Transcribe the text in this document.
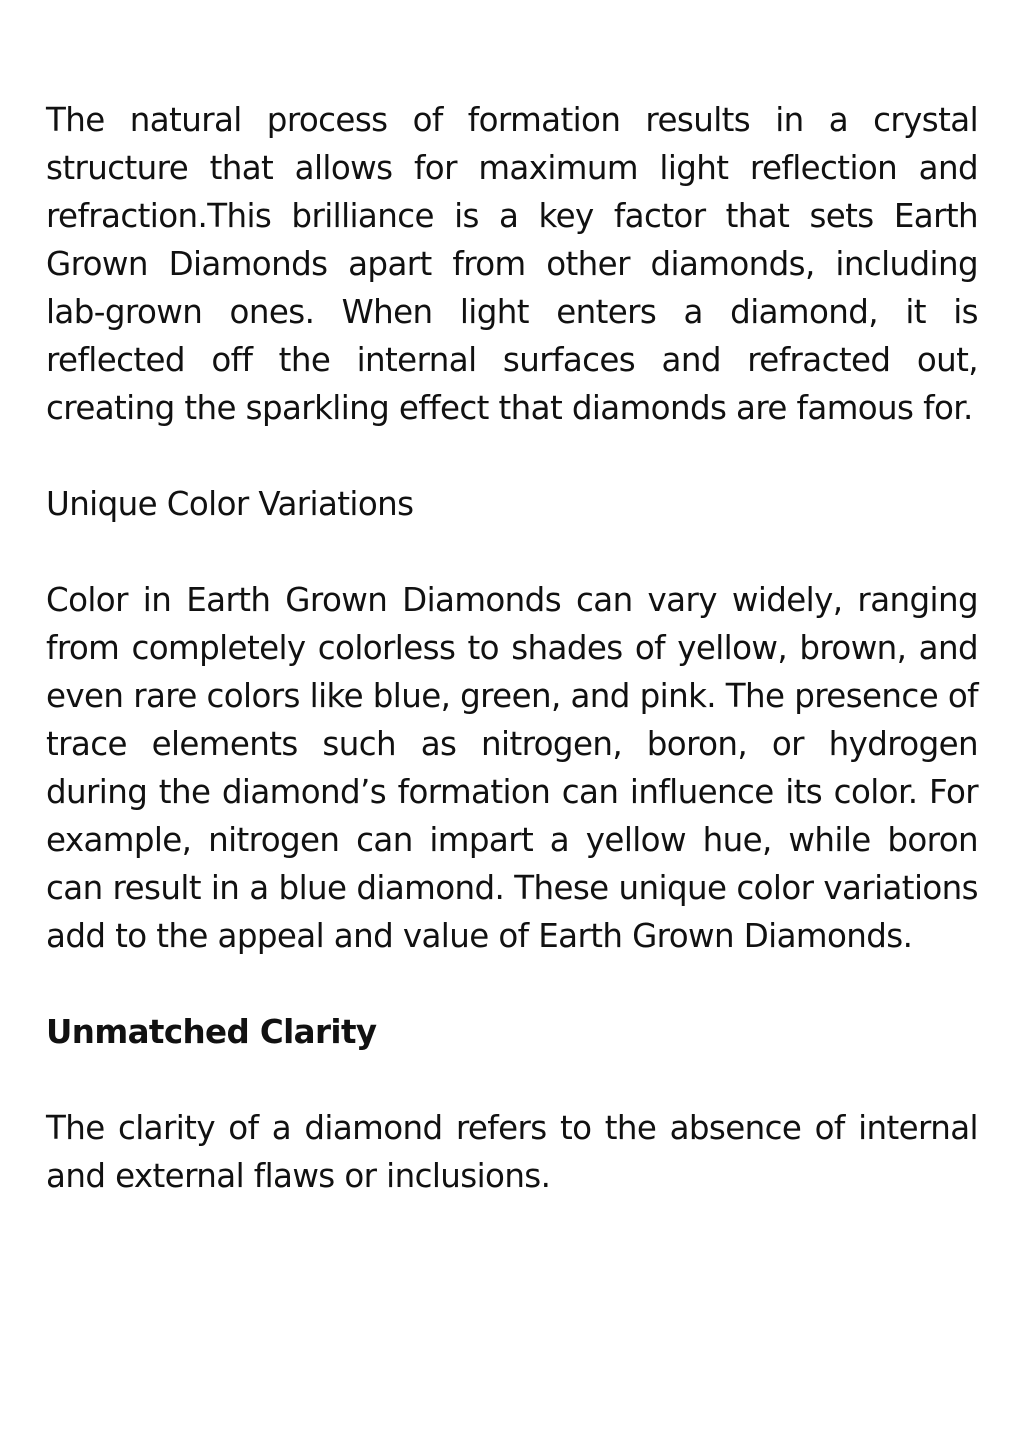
The natural process of formation results in a crystal structure that allows for maximum light reflection and refraction.This brilliance is a key factor that sets Earth Grown Diamonds apart from other diamonds, including lab-grown ones. When light enters a diamond, it is reflected off the internal surfaces and refracted out, creating the sparkling effect that diamonds are famous for.

Unique Color Variations

Color in Earth Grown Diamonds can vary widely, ranging from completely colorless to shades of yellow, brown, and even rare colors like blue, green, and pink. The presence of trace elements such as nitrogen, boron, or hydrogen during the diamond’s formation can influence its color. For example, nitrogen can impart a yellow hue, while boron can result in a blue diamond. These unique color variations add to the appeal and value of Earth Grown Diamonds.

Unmatched Clarity

The clarity of a diamond refers to the absence of internal and external flaws or inclusions.
